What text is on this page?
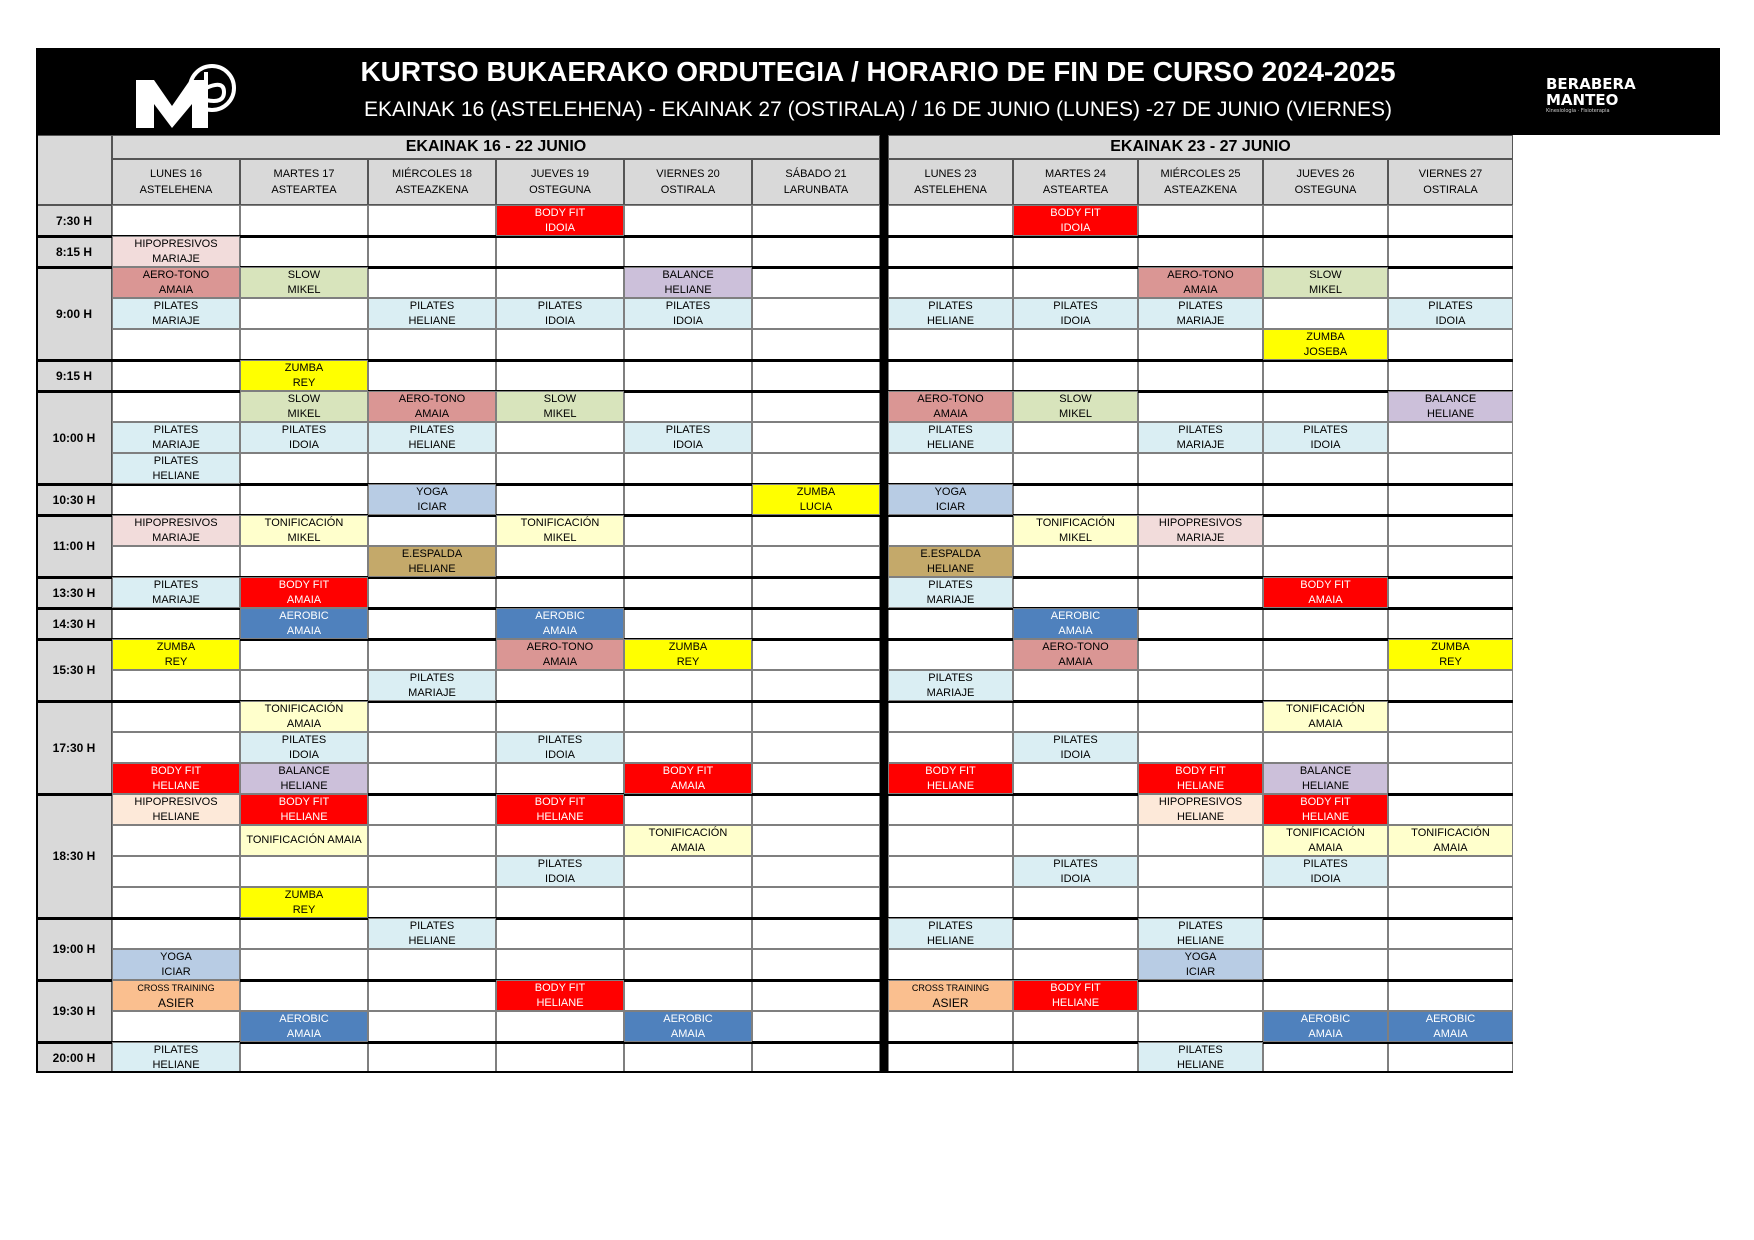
KURTSO BUKAERAKO ORDUTEGIA / HORARIO DE FIN DE CURSO 2024-2025
EKAINAK 16 (ASTELEHENA) - EKAINAK 27 (OSTIRALA) / 16 DE JUNIO (LUNES) -27 DE JUNIO (VIERNES)
BERABERA
MANTEO
Kinesiologia · Fisioterapia
EKAINAK 16 - 22 JUNIO
LUNES 16
ASTELEHENA
MARTES 17
ASTEARTEA
MIÉRCOLES 18
ASTEAZKENA
JUEVES 19
OSTEGUNA
VIERNES 20
OSTIRALA
SÁBADO 21
LARUNBATA
EKAINAK 23 - 27 JUNIO
LUNES 23
ASTELEHENA
MARTES 24
ASTEARTEA
MIÉRCOLES 25
ASTEAZKENA
JUEVES 26
OSTEGUNA
VIERNES 27
OSTIRALA
7:30 H
8:15 H
9:00 H
9:15 H
10:00 H
10:30 H
11:00 H
13:30 H
14:30 H
15:30 H
17:30 H
18:30 H
19:00 H
19:30 H
20:00 H
BODY FIT
IDOIA
BODY FIT
IDOIA
HIPOPRESIVOS
MARIAJE
AERO-TONO
AMAIA
SLOW
MIKEL
BALANCE
HELIANE
AERO-TONO
AMAIA
SLOW
MIKEL
PILATES
MARIAJE
PILATES
HELIANE
PILATES
IDOIA
PILATES
IDOIA
PILATES
HELIANE
PILATES
IDOIA
PILATES
MARIAJE
PILATES
IDOIA
ZUMBA
JOSEBA
ZUMBA
REY
SLOW
MIKEL
AERO-TONO
AMAIA
SLOW
MIKEL
AERO-TONO
AMAIA
SLOW
MIKEL
BALANCE
HELIANE
PILATES
MARIAJE
PILATES
IDOIA
PILATES
HELIANE
PILATES
IDOIA
PILATES
HELIANE
PILATES
MARIAJE
PILATES
IDOIA
PILATES
HELIANE
YOGA
ICIAR
ZUMBA
LUCIA
YOGA
ICIAR
HIPOPRESIVOS
MARIAJE
TONIFICACIÓN
MIKEL
TONIFICACIÓN
MIKEL
TONIFICACIÓN
MIKEL
HIPOPRESIVOS
MARIAJE
E.ESPALDA
HELIANE
E.ESPALDA
HELIANE
PILATES
MARIAJE
BODY FIT
AMAIA
PILATES
MARIAJE
BODY FIT
AMAIA
AEROBIC
AMAIA
AEROBIC
AMAIA
AEROBIC
AMAIA
ZUMBA
REY
AERO-TONO
AMAIA
ZUMBA
REY
AERO-TONO
AMAIA
ZUMBA
REY
PILATES
MARIAJE
PILATES
MARIAJE
TONIFICACIÓN
AMAIA
TONIFICACIÓN
AMAIA
PILATES
IDOIA
PILATES
IDOIA
PILATES
IDOIA
BODY FIT
HELIANE
BALANCE
HELIANE
BODY FIT
AMAIA
BODY FIT
HELIANE
BODY FIT
HELIANE
BALANCE
HELIANE
HIPOPRESIVOS
HELIANE
BODY FIT
HELIANE
BODY FIT
HELIANE
HIPOPRESIVOS
HELIANE
BODY FIT
HELIANE
TONIFICACIÓN AMAIA
TONIFICACIÓN
AMAIA
TONIFICACIÓN
AMAIA
TONIFICACIÓN
AMAIA
PILATES
IDOIA
PILATES
IDOIA
PILATES
IDOIA
ZUMBA
REY
PILATES
HELIANE
PILATES
HELIANE
PILATES
HELIANE
YOGA
ICIAR
YOGA
ICIAR
CROSS TRAINING
ASIER
BODY FIT
HELIANE
CROSS TRAINING
ASIER
BODY FIT
HELIANE
AEROBIC
AMAIA
AEROBIC
AMAIA
AEROBIC
AMAIA
AEROBIC
AMAIA
PILATES
HELIANE
PILATES
HELIANE
